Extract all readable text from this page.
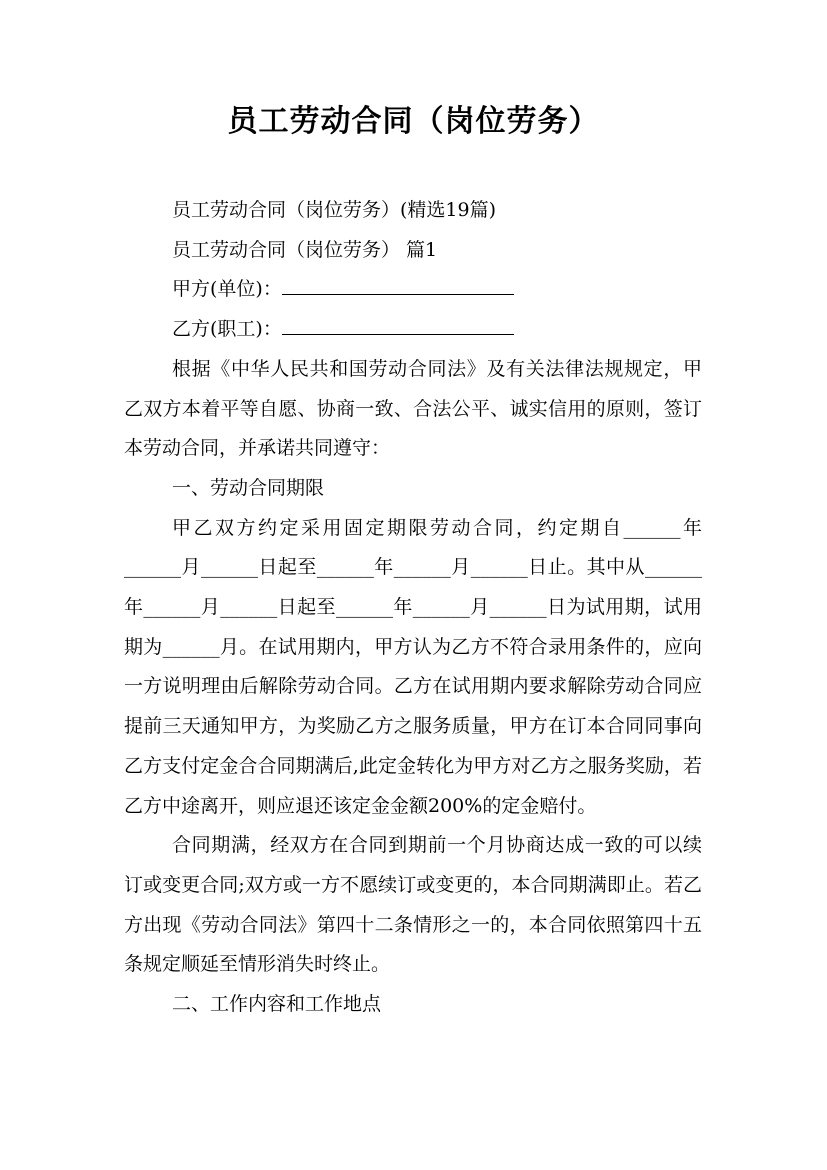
员工劳动合同（岗位劳务）

员工劳动合同（岗位劳务）(精选19篇)

员工劳动合同（岗位劳务） 篇1

甲方(单位)：

乙方(职工)：

根据《中华人民共和国劳动合同法》及有关法律法规规定，甲乙双方本着平等自愿、协商一致、合法公平、诚实信用的原则，签订本劳动合同，并承诺共同遵守：

一、劳动合同期限

甲乙双方约定采用固定期限劳动合同，约定期自______年______月______日起至______年______月______日止。其中从______年______月______日起至______年______月______日为试用期，试用期为______月。在试用期内，甲方认为乙方不符合录用条件的，应向一方说明理由后解除劳动合同。乙方在试用期内要求解除劳动合同应提前三天通知甲方，为奖励乙方之服务质量，甲方在订本合同同事向乙方支付定金合合同期满后,此定金转化为甲方对乙方之服务奖励，若乙方中途离开，则应退还该定金金额200%的定金赔付。

合同期满，经双方在合同到期前一个月协商达成一致的可以续订或变更合同;双方或一方不愿续订或变更的，本合同期满即止。若乙方出现《劳动合同法》第四十二条情形之一的，本合同依照第四十五条规定顺延至情形消失时终止。

二、工作内容和工作地点
